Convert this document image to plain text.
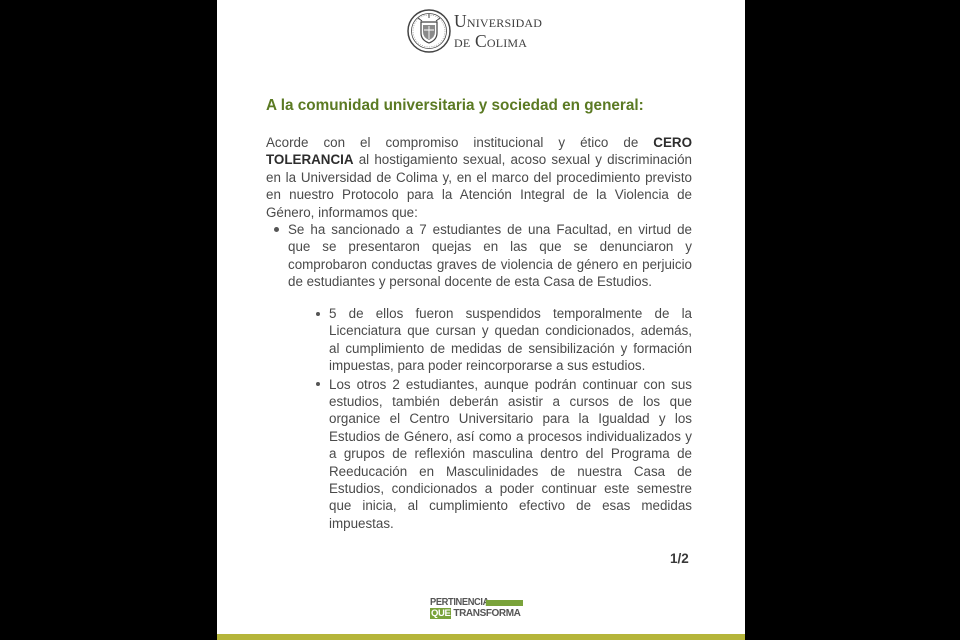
Universidad
de Colima
A la comunidad universitaria y sociedad en general:

Acorde con el compromiso institucional y ético de CERO TOLERANCIA al hostigamiento sexual, acoso sexual y discriminación en la Universidad de Colima y, en el marco del procedimiento previsto en nuestro Protocolo para la Atención Integral de la Violencia de Género, informamos que:

Se ha sancionado a 7 estudiantes de una Facultad, en virtud de que se presentaron quejas en las que se denunciaron y comprobaron conductas graves de violencia de género en perjuicio de estudiantes y personal docente de esta Casa de Estudios.
5 de ellos fueron suspendidos temporalmente de la Licenciatura que cursan y quedan condicionados, además, al cumplimiento de medidas de sensibilización y formación impuestas, para poder reincorporarse a sus estudios.
Los otros 2 estudiantes, aunque podrán continuar con sus estudios, también deberán asistir a cursos de los que organice el Centro Universitario para la Igualdad y los Estudios de Género, así como a procesos individualizados y a grupos de reflexión masculina dentro del Programa de Reeducación en Masculinidades de nuestra Casa de Estudios, condicionados a poder continuar este semestre que inicia, al cumplimiento efectivo de esas medidas impuestas.
1/2
PERTINENCIA
QUE TRANSFORMA
